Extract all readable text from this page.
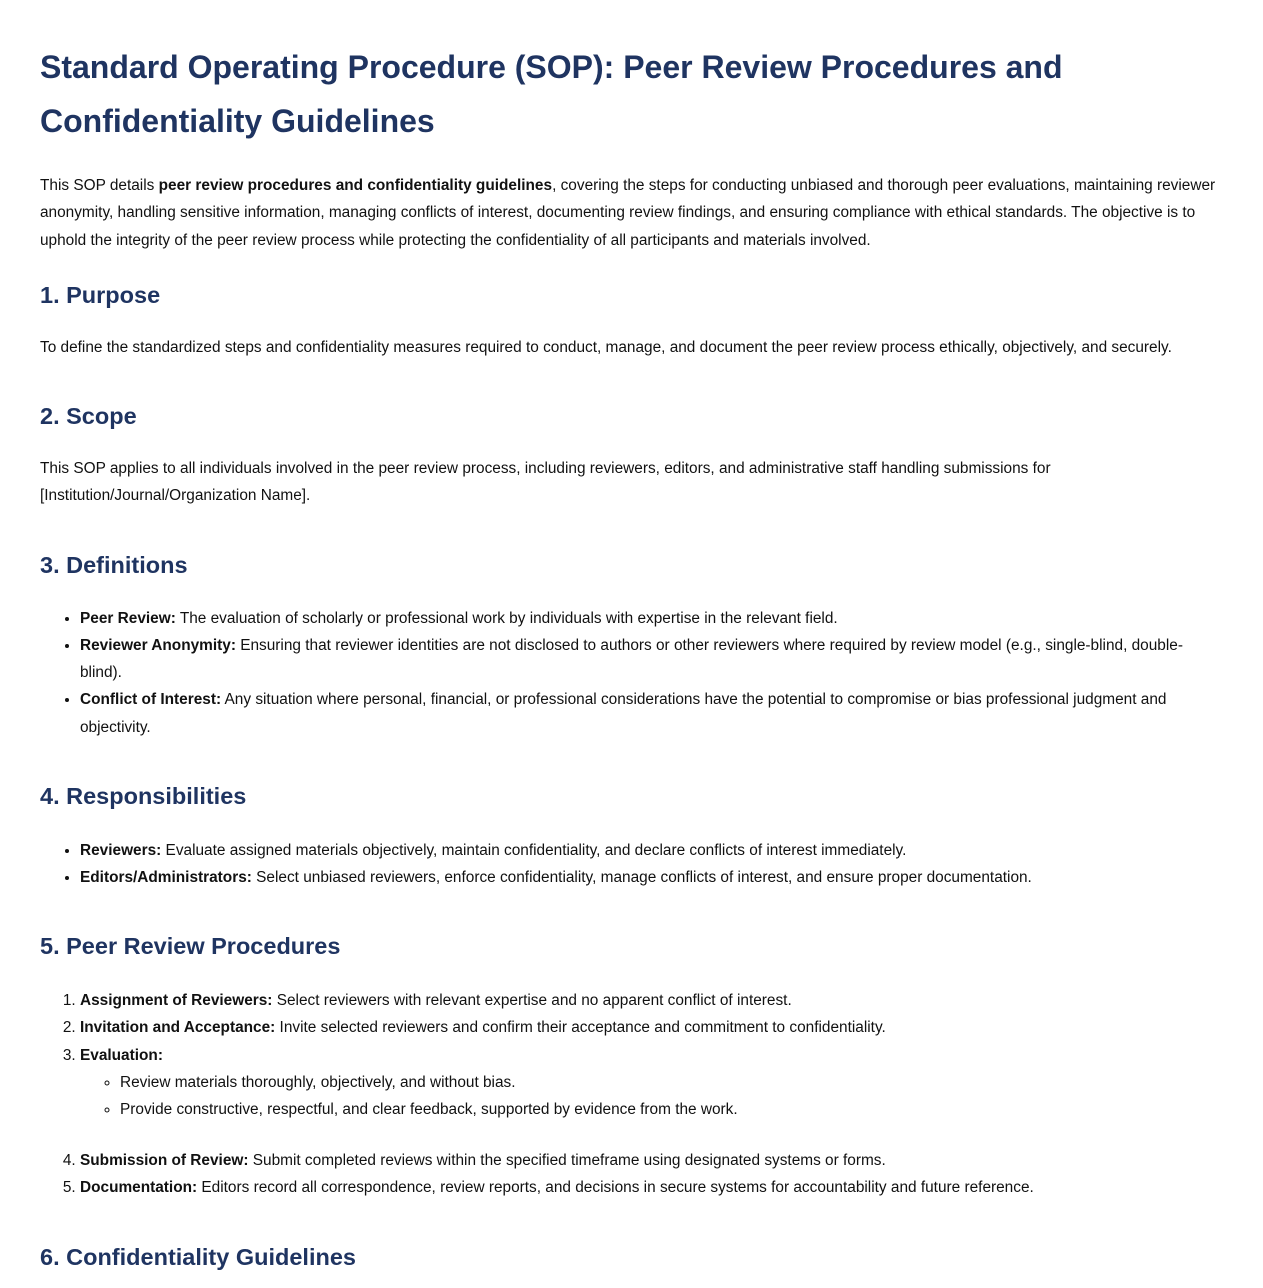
Standard Operating Procedure (SOP): Peer Review Procedures and Confidentiality Guidelines

This SOP details peer review procedures and confidentiality guidelines, covering the steps for conducting unbiased and thorough peer evaluations, maintaining reviewer anonymity, handling sensitive information, managing conflicts of interest, documenting review findings, and ensuring compliance with ethical standards. The objective is to uphold the integrity of the peer review process while protecting the confidentiality of all participants and materials involved.

1. Purpose

To define the standardized steps and confidentiality measures required to conduct, manage, and document the peer review process ethically, objectively, and securely.

2. Scope

This SOP applies to all individuals involved in the peer review process, including reviewers, editors, and administrative staff handling submissions for [Institution/Journal/Organization Name].

3. Definitions
• Peer Review: The evaluation of scholarly or professional work by individuals with expertise in the relevant field.
• Reviewer Anonymity: Ensuring that reviewer identities are not disclosed to authors or other reviewers where required by review model (e.g., single-blind, double-blind).
• Conflict of Interest: Any situation where personal, financial, or professional considerations have the potential to compromise or bias professional judgment and objectivity.
4. Responsibilities
• Reviewers: Evaluate assigned materials objectively, maintain confidentiality, and declare conflicts of interest immediately.
• Editors/Administrators: Select unbiased reviewers, enforce confidentiality, manage conflicts of interest, and ensure proper documentation.
5. Peer Review Procedures
1. Assignment of Reviewers: Select reviewers with relevant expertise and no apparent conflict of interest.
2. Invitation and Acceptance: Invite selected reviewers and confirm their acceptance and commitment to confidentiality.
3. Evaluation:
◦ Review materials thoroughly, objectively, and without bias.
◦ Provide constructive, respectful, and clear feedback, supported by evidence from the work.
4. Submission of Review: Submit completed reviews within the specified timeframe using designated systems or forms.
5. Documentation: Editors record all correspondence, review reports, and decisions in secure systems for accountability and future reference.
6. Confidentiality Guidelines
